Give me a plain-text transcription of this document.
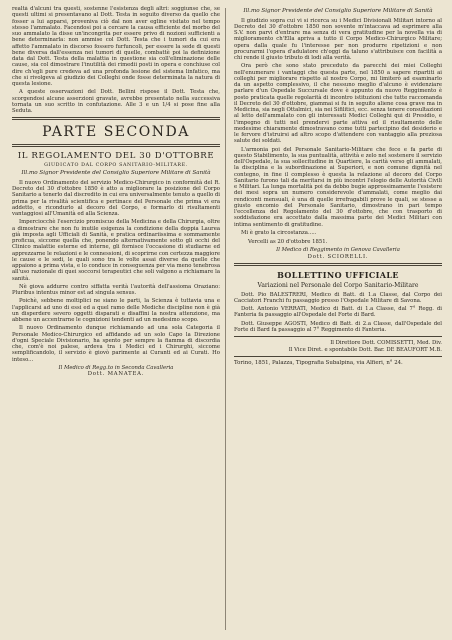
realtà d'alcuni tra questi, sostenne l'esistenza degli altri: soggiunse che, se questi ultimi si presentavano al Dott. Testa in seguito diverso da quello che fosser a lui apparsi, proveniva ciò dal non aver egline visitato nel tempo stesso l'ammalato. Facendosi poi a cercare la causa efficiente del morbo del suo ammalato la disse un'incongrita per essere privo di nozioni sufficienti a bene determinarla: non ammise col Dott. Testa che i tumori da cui era affetto l'ammalato in discorso fossero furfuncoli, per essere la sede di questi bene diversa dall'essenza nei tumori di quelle, combattè poi la definizione data dal Dott. Testa della malattia in questione sia coll'eliminazione delle cause, sia col dimostrare l'inutilità dei rimedii posti in opera e conchiuse col dire ch'egli pure credeva ad una profonda lesione del sistema linfatico, ma che si rivolgeva al giudizio dei Colleghi onde fosse determinata la natura di questa lesione.

A queste osservazioni del Dott. Bellini rispose il Dott. Testa che, scorgendosi alcune asserzioni gravate, avrebbe presentato nella successiva tornata un suo scritto in confutazione. Alle 3 e un 1/4 si pose fine alla Seduta.

PARTE SECONDA
IL REGOLAMENTO DEL 30 D'OTTOBRE
GIUDICATO DAL CORPO SANITARIO-MILITARE.
Ill.mo Signor Presidente del Consiglio Superiore Militare di Sanità

Il nuovo Ordinamento del servizio Medico-Chirurgico in conformità del R. Decreto del 30 d'ottobre 1850 è atto a migliorare la posizione del Corpo Sanitario a tenerlo dal discredito in cui era universalmente tenuto a quello di prima per la rivalità scientifica e pertinace del Personale che prima vi era addetto, e ricondurlo al decoro del Corpo, e formarlo di risultamenti vantaggiosi all'Umanità ed alla Scienza.

Imperciocchè l'esercizio promiscuo della Medicina e della Chirurgia, oltre a dimostrare che non fu inutile esigenza la condizione della doppia Laurea già imposta agli Ufficiali di Sanità, e pratica ordinariissima e sommamente proficua, siccome quella che, ponendo alternativamente sotto gli occhi del Clinico malattie esterne ed interne, gli fornisce l'occasione di studiarne ed apprezzarne le relazioni e le connessioni, di scoprirne con certezza maggiore le cause e le sedi, le quali sono tra le volte assai diverse da quelle che appaiono a prima vista, e lo conduce in conseguenza per via meno tenebrosa all'uso razionale di quei soccorsi terapeutici che soli valgono a richiamare la sanità.

Nè giova addurre contro siffatta verità l'autorità dell'assioma Oraziano: Pluribus intentus minor est ad singula sensus.

Poichè, sebbene moltiplici ne siano le parti, la Scienza è tuttavia una e l'applicarsi ad uno di essi ed a quel ramo delle Mediche discipline non è già un disperdere severo oggetti disparati e disaffini la nostra attenzione, ma abbene un accentrarne le cognizioni tendenti ad un medesimo scopo.

Il nuovo Ordinamento dunque richiamando ad una sola Categoria il Personale Medico-Chirurgico ed affidando ad un solo Capo la Direzione d'ogni Speciale Divisionario, ha spento per sempre la fiamma di discordia che, com'è noi palese, ardeva tra i Medici ed i Chirurghi, siccome semplificandolo, il servizio è giovò parimente ai Curanti ed ai Curati. Ho inteso...

Il Medico di Regg.to in Seconda Cavalleria
Dott. MANATEA.
Ill.mo Signor Presidente del Consiglio Superiore Militare di Sanità

Il giudizio sopra cui vi si ricerca su i Medici Divisionali Militari intorno al Decreto del 30 d'ottobre 1850 non sovente m'intaccava ad esprimere alla S.V. non parvi d'entrare ma senza di vera gratitudine per la novella via di miglioramento ch'Ella apriva a tutto il Corpo Medico-Chirurgico Militare; opera dalla quale fu l'interesse per non produrre ripetizioni e non procurarmi l'opera d'adulatore ch'oggi da taluno s'attribuisce con facilità a chi rende il giusto tributo di lodi alla verità.

Ora però che sono stato preceduto da parecchi dei miei Colleghi nell'enumerare i vantaggi che questa parte, nel 1850 a sapere ripartiti ai colleghi per migliorare rispetto al nostro Corpo, mi limiterò ad esaminarlo da un aspetto complessivo, il che nessuno meglio d'alcuno è evidenziare parlare d'un Ospedale Succursale dove è appunto da nuovo Reggimento è posto praticata quelle regolarità di incontro istituzioni che tutte raccomanda il Decreto del 30 d'ottobre, giammai si fu in seguito aliene cosa grave ma in Medicina, sia negli Ottalmici, sia nei Sifilitici, ecc. senza tenere consultazioni al letto dell'ammalato con gli interessati Medici Colleghi qui di Presidio, e l'impegno di tutti nel prendervi parte attiva ed il risultamento delle medesime chiaramente dimostravano come tutti partecipino del desiderio e le fervore d'istruirsi ad altro scopo d'attendere con vantaggio alla preziosa salute dei soldati.

L'armonia poi del Personale Sanitario-Militare che fece e fa parte di questo Stabilimento, la sua puntualità, attività e zelo nel sostenere il servizio dell'Ospedale, la sua sollecitudine in Quartiere, la carità verso gli ammalati, la disciplina e la subordinazione ai Superiori, e non comune dignità nel contegno, in fine il complesso è questa la relazione al decoro del Corpo Sanitario furono tali da meritarsi in più incontri l'elogio delle Autorità Civili e Militari. La lunga mortalità poi da debbo bugie approssimamente l'esistere dei mesi sopra un numero considerevole d'ammalati, come meglio dai rendiconti mensuali, è una di quelle irrefragabili prove le quali, se stesse a giusto encomio del Personale Sanitario, dimostrano in pari tempo l'eccellenza del Regolamento del 30 d'ottobre, che con trasporto di soddisfazione era accettato dalla massima parte dei Medici Militari con intima sentimento di gratitudine.

Mi è grato la circostanza.....

Vercelli as 20 d'ottobre 1851.
Il Medico di Reggimento in Genova Cavalleria
Dott. SCIORELLI.
BOLLETTINO UFFICIALE
Variazioni nel Personale del Corpo Sanitario-Militare

Dott. Pio BALESTRERI, Medico di Batt. di 1.a Classe, dal Corpo dei Cacciatori Franchi fu passaggio presso l'Ospedale Militare di Savona.

Dott. Antonio VERRATI, Medico di Batt. di 1.a Classe, dal 7° Regg. di Fanteria fa passaggio all'Ospedale del Forte di Bard.

Dott. Giuseppe AGOSTI, Medico di Batt. di 2.a Classe, dall'Ospedale del Forte di Bard fa passaggio al 7° Reggimento di Fanteria.

Il Direttore Dott. COMISSETTI, Med. Div.

Il Vice Diret. e spontabile Dott. Bar. DE BEAUFORT M.B.

Torino, 1851, Palazza, Tipografia Subalpina, via Alfieri, n° 24.
